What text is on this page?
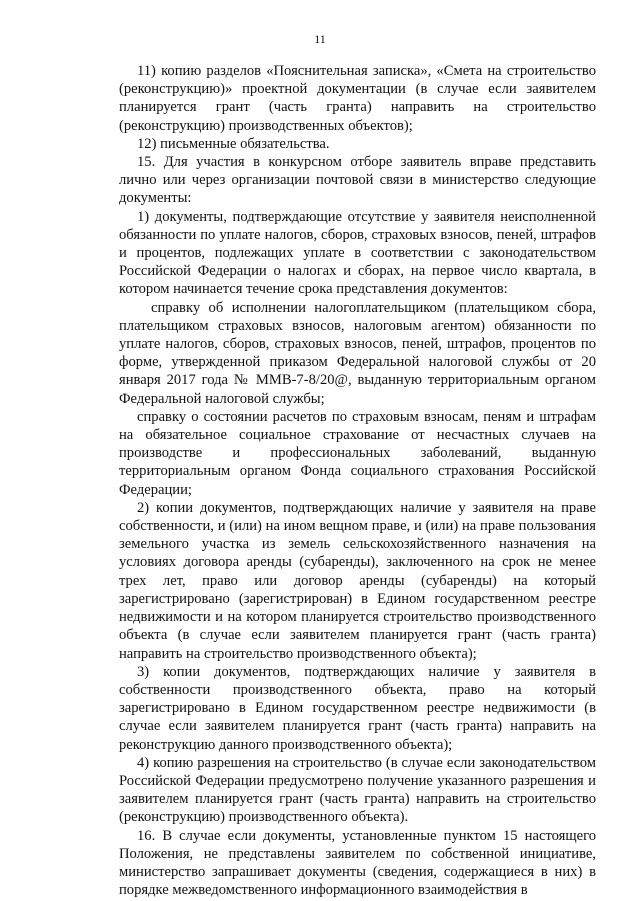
11

11) копию разделов «Пояснительная записка», «Смета на строительство (реконструкцию)» проектной документации (в случае если заявителем планируется грант (часть гранта) направить на строительство (реконструкцию) производственных объектов);

12) письменные обязательства.

15. Для участия в конкурсном отборе заявитель вправе представить лично или через организации почтовой связи в министерство следующие документы:

1) документы, подтверждающие отсутствие у заявителя неисполненной обязанности по уплате налогов, сборов, страховых взносов, пеней, штрафов и процентов, подлежащих уплате в соответствии с законодательством Российской Федерации о налогах и сборах, на первое число квартала, в котором начинается течение срока представления документов:

справку об исполнении налогоплательщиком (плательщиком сбора, плательщиком страховых взносов, налоговым агентом) обязанности по уплате налогов, сборов, страховых взносов, пеней, штрафов, процентов по форме, утвержденной приказом Федеральной налоговой службы от 20 января 2017 года № ММВ-7-8/20@, выданную территориальным органом Федеральной налоговой службы;

справку о состоянии расчетов по страховым взносам, пеням и штрафам на обязательное социальное страхование от несчастных случаев на производстве и профессиональных заболеваний, выданную территориальным органом Фонда социального страхования Российской Федерации;

2) копии документов, подтверждающих наличие у заявителя на праве собственности, и (или) на ином вещном праве, и (или) на праве пользования земельного участка из земель сельскохозяйственного назначения на условиях договора аренды (субаренды), заключенного на срок не менее трех лет, право или договор аренды (субаренды) на который зарегистрировано (зарегистрирован) в Едином государственном реестре недвижимости и на котором планируется строительство производственного объекта (в случае если заявителем планируется грант (часть гранта) направить на строительство производственного объекта);

3) копии документов, подтверждающих наличие у заявителя в собственности производственного объекта, право на который зарегистрировано в Едином государственном реестре недвижимости (в случае если заявителем планируется грант (часть гранта) направить на реконструкцию данного производственного объекта);

4) копию разрешения на строительство (в случае если законодательством Российской Федерации предусмотрено получение указанного разрешения и заявителем планируется грант (часть гранта) направить на строительство (реконструкцию) производственного объекта).

16. В случае если документы, установленные пунктом 15 настоящего Положения, не представлены заявителем по собственной инициативе, министерство запрашивает документы (сведения, содержащиеся в них) в порядке межведомственного информационного взаимодействия в
